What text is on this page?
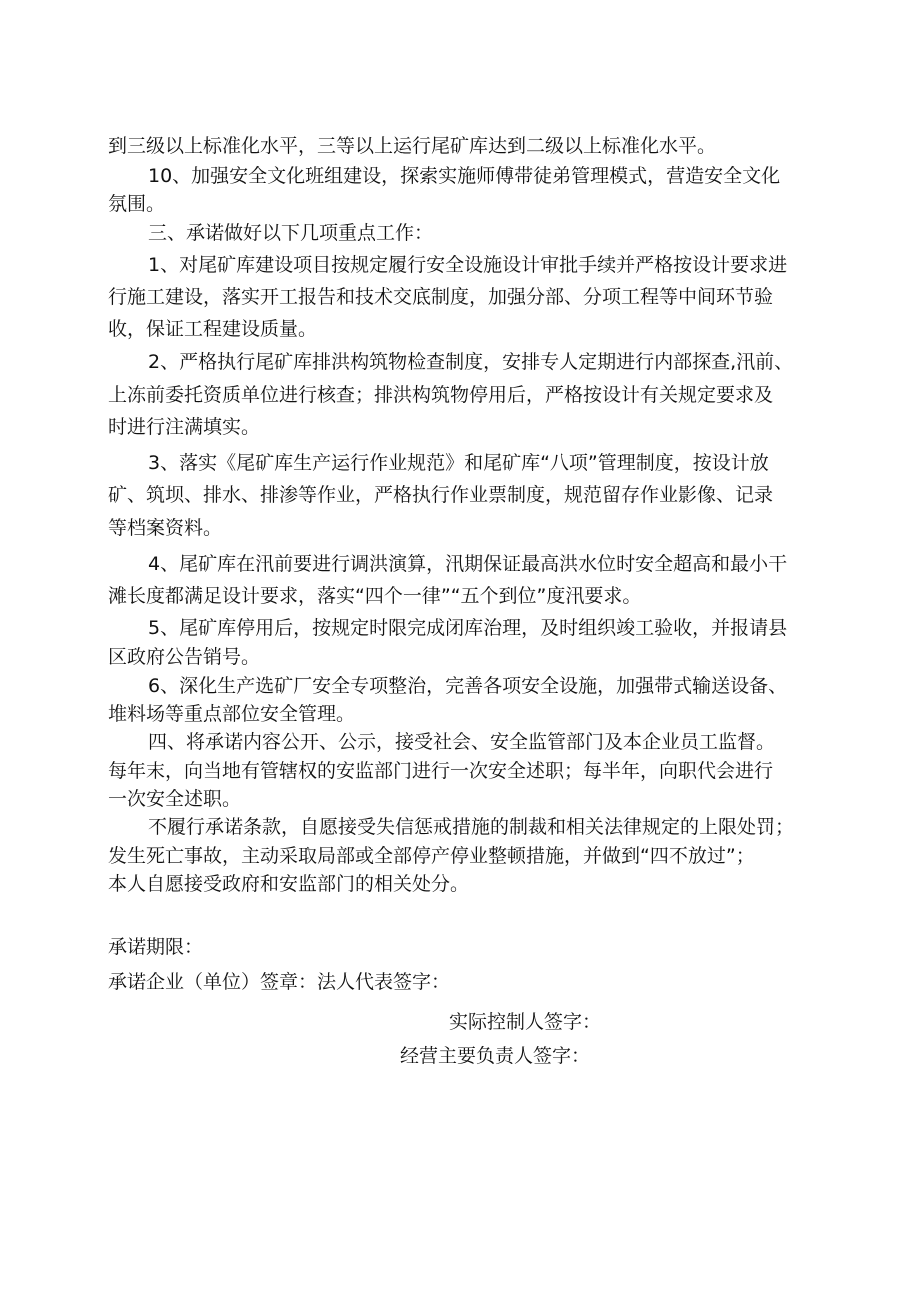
到三级以上标准化水平，三等以上运行尾矿库达到二级以上标准化水平。
10、加强安全文化班组建设，探索实施师傅带徒弟管理模式，营造安全文化
氛围。
三、承诺做好以下几项重点工作：
1、对尾矿库建设项目按规定履行安全设施设计审批手续并严格按设计要求进
行施工建设，落实开工报告和技术交底制度，加强分部、分项工程等中间环节验
收，保证工程建设质量。
2、严格执行尾矿库排洪构筑物检查制度，安排专人定期进行内部探查,汛前、
上冻前委托资质单位进行核查；排洪构筑物停用后，严格按设计有关规定要求及
时进行注满填实。
3、落实《尾矿库生产运行作业规范》和尾矿库“八项”管理制度，按设计放
矿、筑坝、排水、排渗等作业，严格执行作业票制度，规范留存作业影像、记录
等档案资料。
4、尾矿库在汛前要进行调洪演算，汛期保证最高洪水位时安全超高和最小干
滩长度都满足设计要求，落实“四个一律”“五个到位”度汛要求。
5、尾矿库停用后，按规定时限完成闭库治理，及时组织竣工验收，并报请县
区政府公告销号。
6、深化生产选矿厂安全专项整治，完善各项安全设施，加强带式输送设备、
堆料场等重点部位安全管理。
四、将承诺内容公开、公示，接受社会、安全监管部门及本企业员工监督。
每年末，向当地有管辖权的安监部门进行一次安全述职；每半年，向职代会进行
一次安全述职。
不履行承诺条款，自愿接受失信惩戒措施的制裁和相关法律规定的上限处罚；
发生死亡事故，主动采取局部或全部停产停业整顿措施，并做到“四不放过”；
本人自愿接受政府和安监部门的相关处分。
承诺期限：
承诺企业（单位）签章：法人代表签字：
实际控制人签字：
经营主要负责人签字：
